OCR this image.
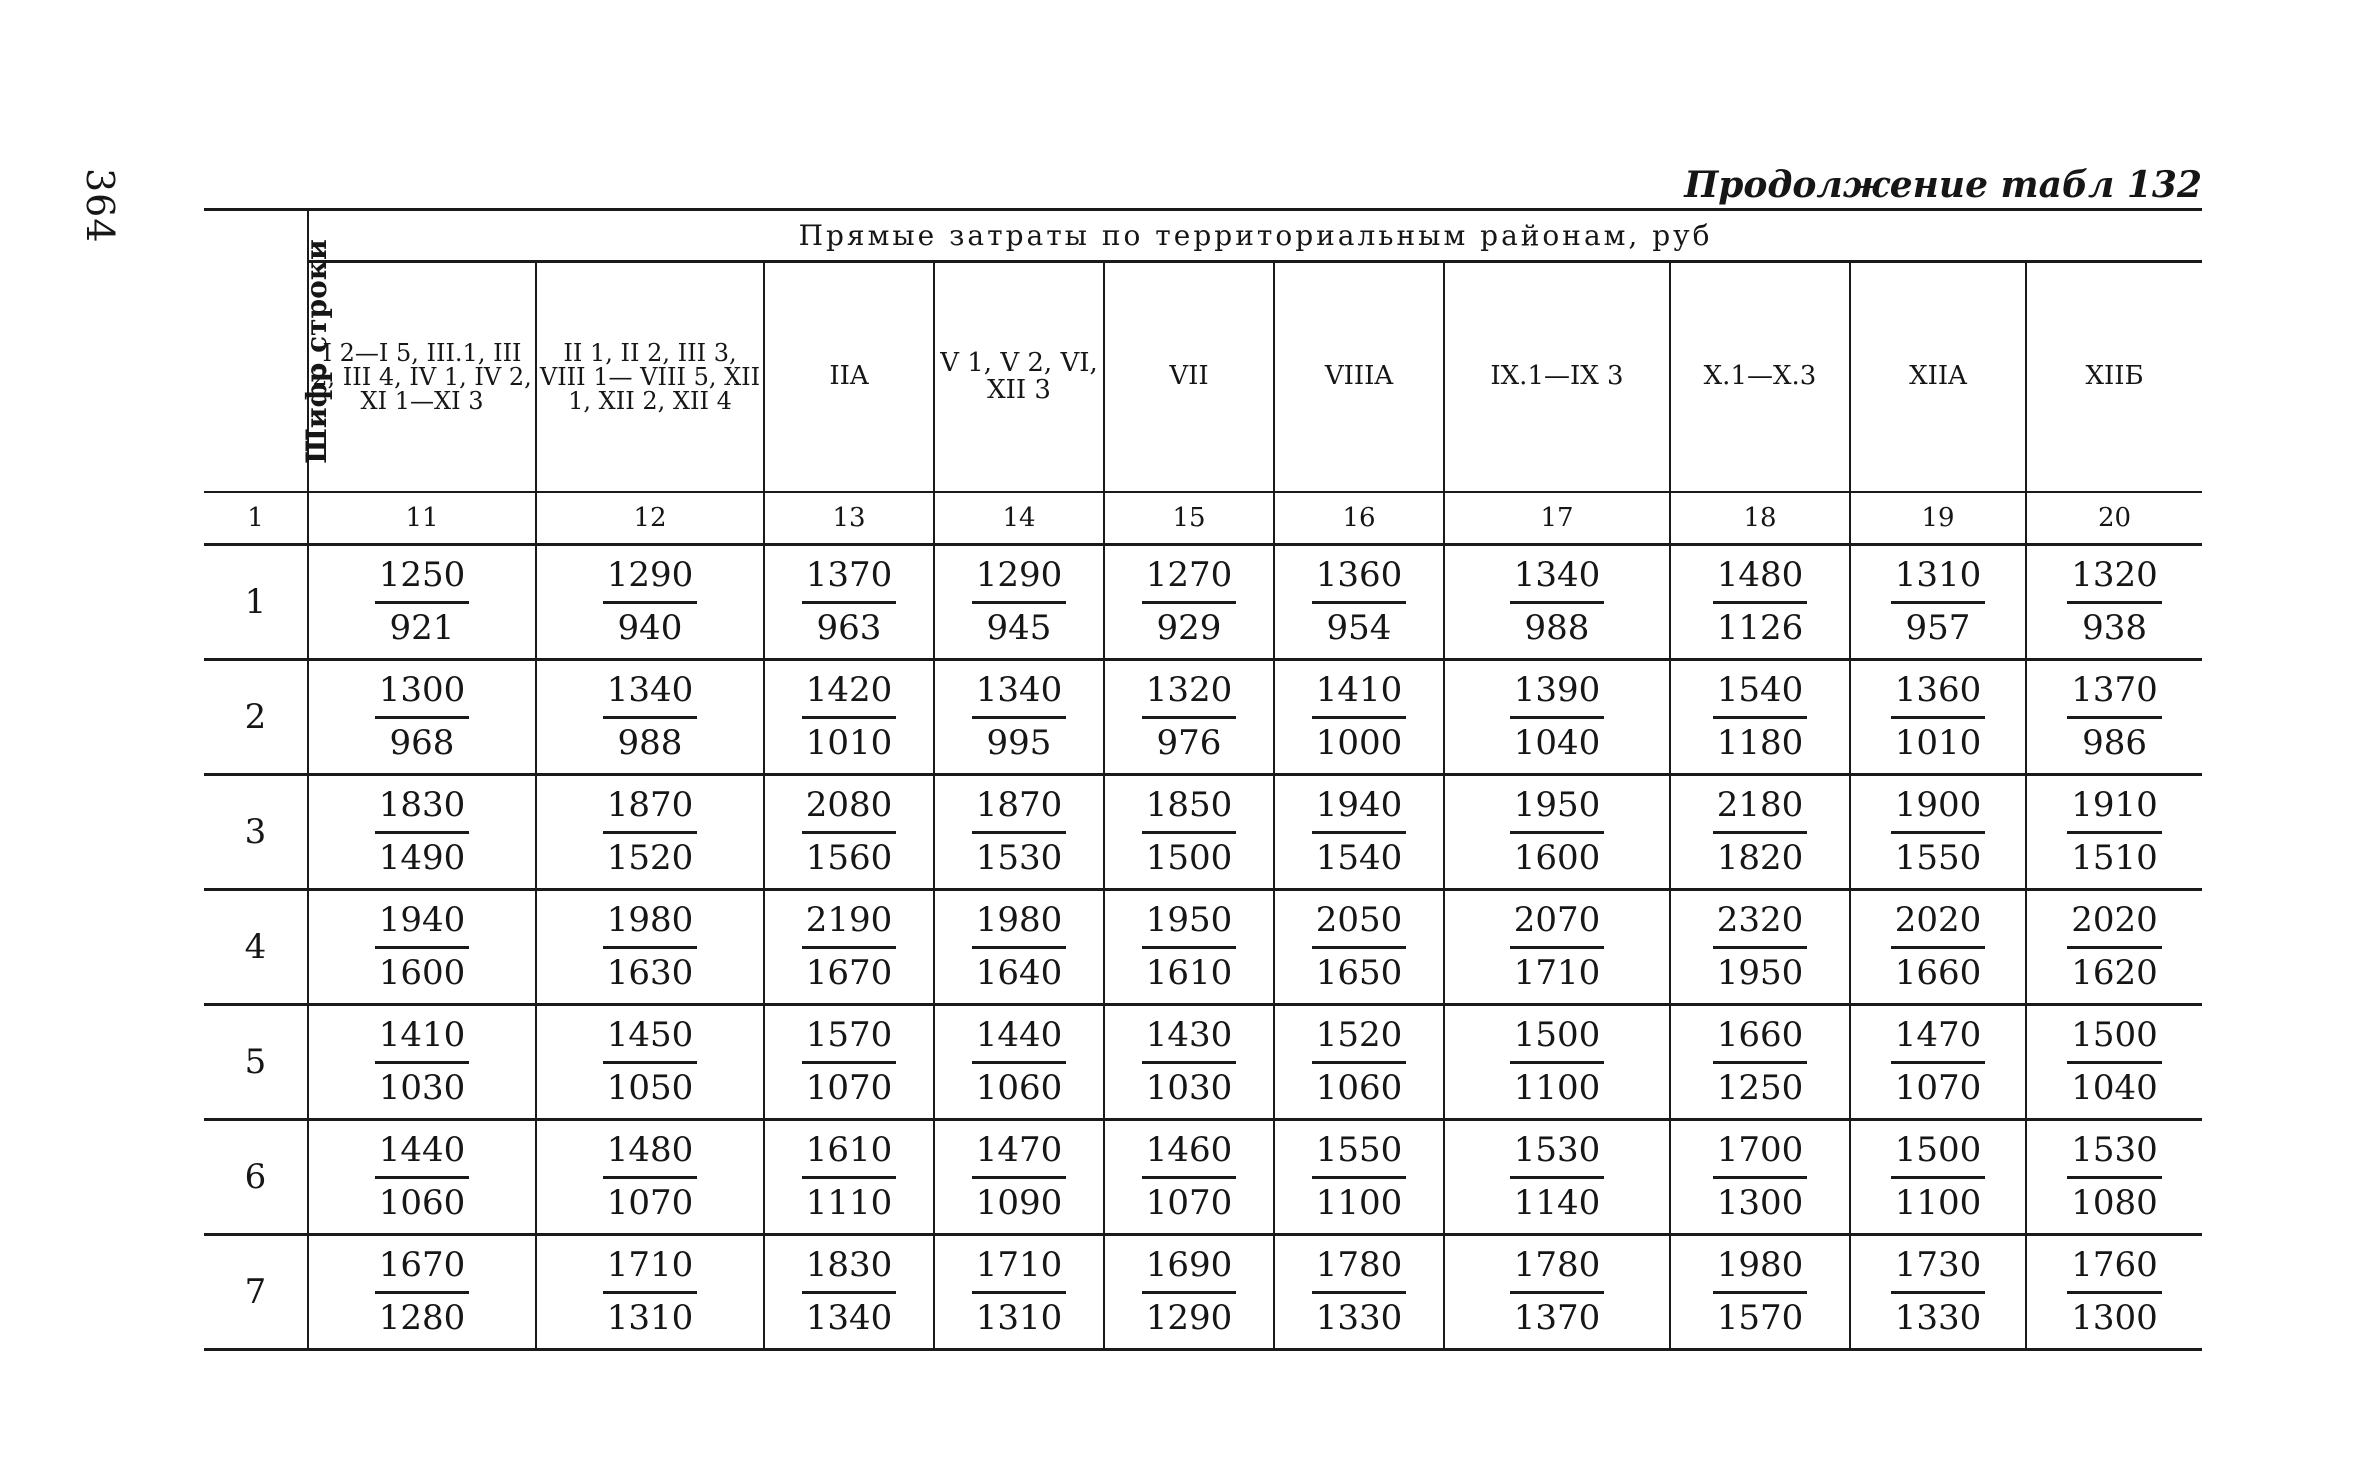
364	Продолжение табл 132
Шифр строки	Прямые затраты по территориальным районам, руб									
	I 2—I 5, III.1, III 2, III 4, IV 1, IV 2, XI 1—XI 3	II 1, II 2, III 3, VIII 1— VIII 5, XII 1, XII 2, XII 4	IIA	V 1, V 2, VI, XII 3	VII	VIIIA	IX.1—IX 3	X.1—X.3	XIIA	XIIБ
1	11	12	13	14	15	16	17	18	19	20
1	$\frac{1250}{921}$	$\frac{1290}{940}$	$\frac{1370}{963}$	$\frac{1290}{945}$	$\frac{1270}{929}$	$\frac{1360}{954}$	$\frac{1340}{988}$	$\frac{1480}{1126}$	$\frac{1310}{957}$	$\frac{1320}{938}$

2	$\frac{1300}{968}$	$\frac{1340}{988}$	$\frac{1420}{1010}$	$\frac{1340}{995}$	$\frac{1320}{976}$	$\frac{1410}{1000}$	$\frac{1390}{1040}$	$\frac{1540}{1180}$	$\frac{1360}{1010}$	$\frac{1370}{986}$

3	$\frac{1830}{1490}$	$\frac{1870}{1520}$	$\frac{2080}{1560}$	$\frac{1870}{1530}$	$\frac{1850}{1500}$	$\frac{1940}{1540}$	$\frac{1950}{1600}$	$\frac{2180}{1820}$	$\frac{1900}{1550}$	$\frac{1910}{1510}$

4	$\frac{1940}{1600}$	$\frac{1980}{1630}$	$\frac{2190}{1670}$	$\frac{1980}{1640}$	$\frac{1950}{1610}$	$\frac{2050}{1650}$	$\frac{2070}{1710}$	$\frac{2320}{1950}$	$\frac{2020}{1660}$	$\frac{2020}{1620}$

5	$\frac{1410}{1030}$	$\frac{1450}{1050}$	$\frac{1570}{1070}$	$\frac{1440}{1060}$	$\frac{1430}{1030}$	$\frac{1520}{1060}$	$\frac{1500}{1100}$	$\frac{1660}{1250}$	$\frac{1470}{1070}$	$\frac{1500}{1040}$

6	$\frac{1440}{1060}$	$\frac{1480}{1070}$	$\frac{1610}{1110}$	$\frac{1470}{1090}$	$\frac{1460}{1070}$	$\frac{1550}{1100}$	$\frac{1530}{1140}$	$\frac{1700}{1300}$	$\frac{1500}{1100}$	$\frac{1530}{1080}$

7	$\frac{1670}{1280}$	$\frac{1710}{1310}$	$\frac{1830}{1340}$	$\frac{1710}{1310}$	$\frac{1690}{1290}$	$\frac{1780}{1330}$	$\frac{1780}{1370}$	$\frac{1980}{1570}$	$\frac{1730}{1330}$	$\frac{1760}{1300}$
